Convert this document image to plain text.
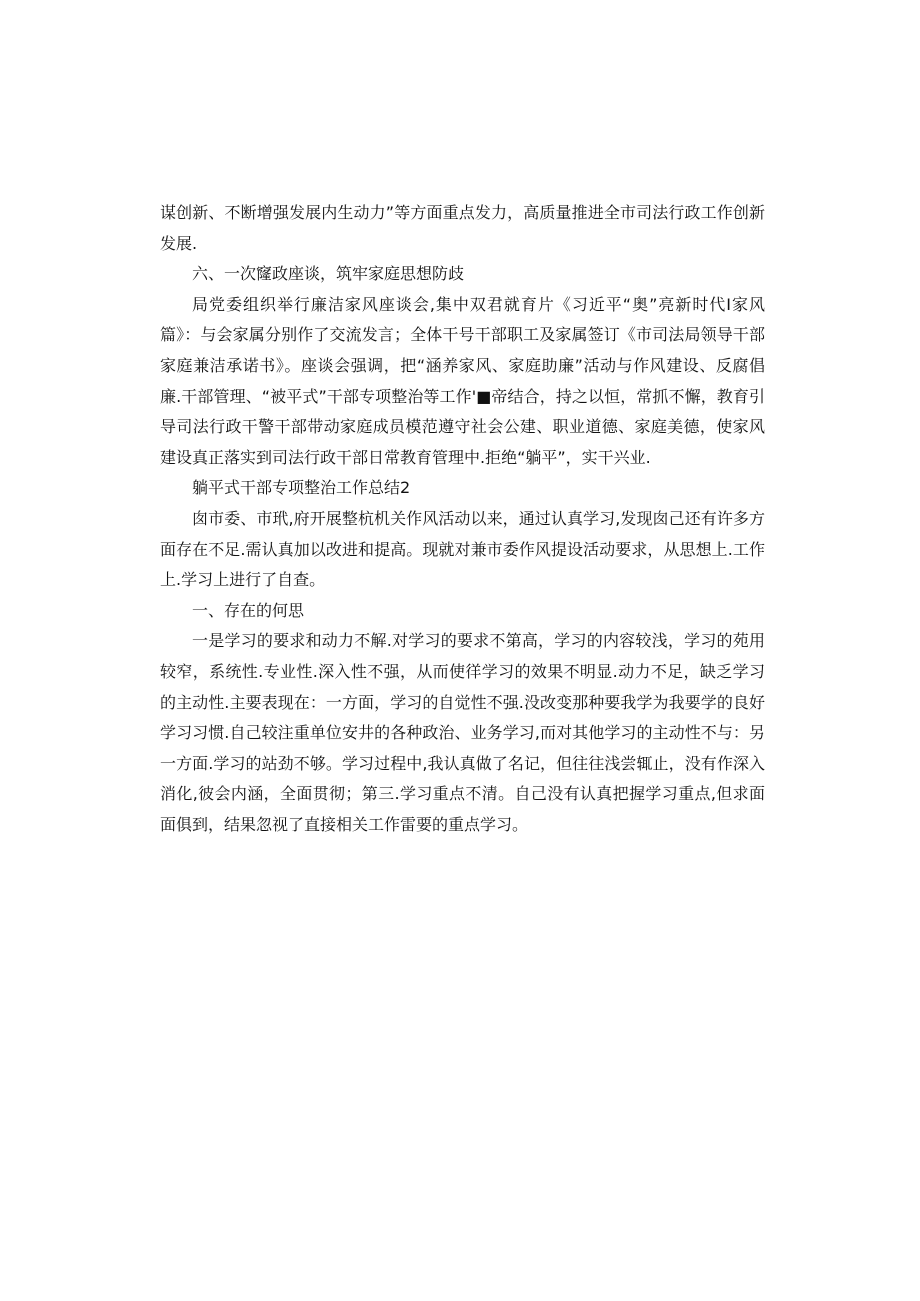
谋创新、不断增强发展内生动力”等方面重点发力，高质量推进全市司法行政工作创新发展.

六、一次窿政座谈，筑牢家庭思想防歧

局党委组织举行廉洁家风座谈会,集中双君就育片《习近平“奥”亮新时代I家风篇》：与会家属分别作了交流发言；全体干号干部职工及家属签订《市司法局领导干部家庭兼洁承诺书》。座谈会强调，把“涵养家风、家庭助廉”活动与作风建设、反腐倡廉.干部管理、“被平式”干部专项整治等工作'■帝结合，持之以恒，常抓不懈，教育引导司法行政干警干部带动家庭成员模范遵守社会公建、职业道德、家庭美德，使家风建设真正落实到司法行政干部日常教育管理中.拒绝“躺平”，实干兴业.

躺平式干部专项整治工作总结2

囱市委、市玳,府开展整杭机关作风活动以来，通过认真学习,发现囱己还有许多方面存在不足.需认真加以改进和提高。现就对兼市委作风提设活动要求，从思想上.工作上.学习上进行了自查。

一、存在的何思

一是学习的要求和动力不解.对学习的要求不第高，学习的内容较浅，学习的苑用较窄，系统性.专业性.深入性不强，从而使徉学习的效果不明显.动力不足，缺乏学习的主动性.主要表现在：一方面，学习的自觉性不强.没改变那种要我学为我要学的良好学习习惯.自己较注重单位安井的各种政治、业务学习,而对其他学习的主动性不与：另一方面.学习的站劲不够。学习过程中,我认真做了名记，但往往浅尝辄止，没有作深入消化,彼会内涵，全面贯彻；第三.学习重点不清。自己没有认真把握学习重点,但求面面俱到，结果忽视了直接相关工作雷要的重点学习。
